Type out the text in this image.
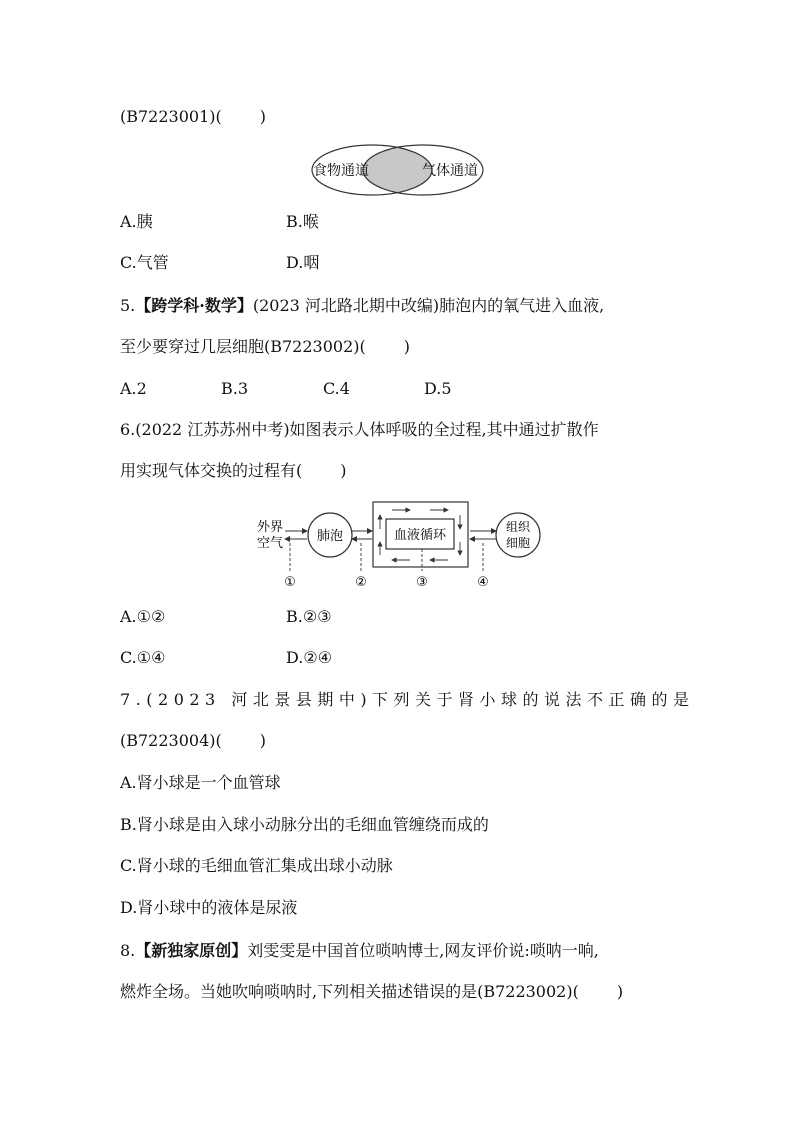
(B7223001)( )
食物通道	气体通道
A.胰	B.喉
C.气管	D.咽
5.【跨学科·数学】(2023 河北路北期中改编)肺泡内的氧气进入血液,
至少要穿过几层细胞(B7223002)( )
A.2	B.3	C.4	D.5
6.(2022 江苏苏州中考)如图表示人体呼吸的全过程,其中通过扩散作
用实现气体交换的过程有( )
外界
空气	肺泡	血液循环
组织
细胞
①	②	③	④
A.①②	B.②③
C.①④	D.②④
7.(2023 河北景县期中)下列关于肾小球的说法不正确的是
(B7223004)( )
A.肾小球是一个血管球
B.肾小球是由入球小动脉分出的毛细血管缠绕而成的
C.肾小球的毛细血管汇集成出球小动脉
D.肾小球中的液体是尿液
8.【新独家原创】刘雯雯是中国首位唢呐博士,网友评价说:唢呐一响,
燃炸全场。当她吹响唢呐时,下列相关描述错误的是(B7223002)( )
